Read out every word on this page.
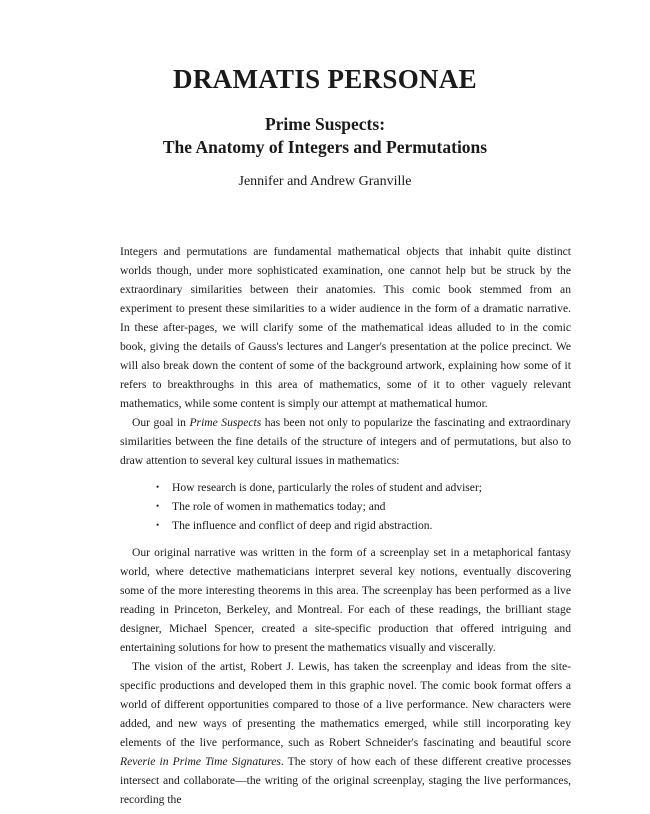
DRAMATIS PERSONAE
Prime Suspects:
The Anatomy of Integers and Permutations
Jennifer and Andrew Granville

Integers and permutations are fundamental mathematical objects that inhabit quite distinct worlds though, under more sophisticated examination, one cannot help but be struck by the extraordinary similarities between their anatomies. This comic book stemmed from an experiment to present these similarities to a wider audience in the form of a dramatic narrative. In these after-pages, we will clarify some of the mathematical ideas alluded to in the comic book, giving the details of Gauss's lectures and Langer's presentation at the police precinct. We will also break down the content of some of the background artwork, explaining how some of it refers to breakthroughs in this area of mathematics, some of it to other vaguely relevant mathematics, while some content is simply our attempt at mathematical humor.

Our goal in Prime Suspects has been not only to popularize the fascinating and extraordinary similarities between the fine details of the structure of integers and of permutations, but also to draw attention to several key cultural issues in mathematics:

• How research is done, particularly the roles of student and adviser;
• The role of women in mathematics today; and
• The influence and conflict of deep and rigid abstraction.

Our original narrative was written in the form of a screenplay set in a metaphorical fantasy world, where detective mathematicians interpret several key notions, eventually discovering some of the more interesting theorems in this area. The screenplay has been performed as a live reading in Princeton, Berkeley, and Montreal. For each of these readings, the brilliant stage designer, Michael Spencer, created a site-specific production that offered intriguing and entertaining solutions for how to present the mathematics visually and viscerally.

The vision of the artist, Robert J. Lewis, has taken the screenplay and ideas from the site-specific productions and developed them in this graphic novel. The comic book format offers a world of different opportunities compared to those of a live performance. New characters were added, and new ways of presenting the mathematics emerged, while still incorporating key elements of the live performance, such as Robert Schneider's fascinating and beautiful score Reverie in Prime Time Signatures. The story of how each of these different creative processes intersect and collaborate—the writing of the original screenplay, staging the live performances, recording the
